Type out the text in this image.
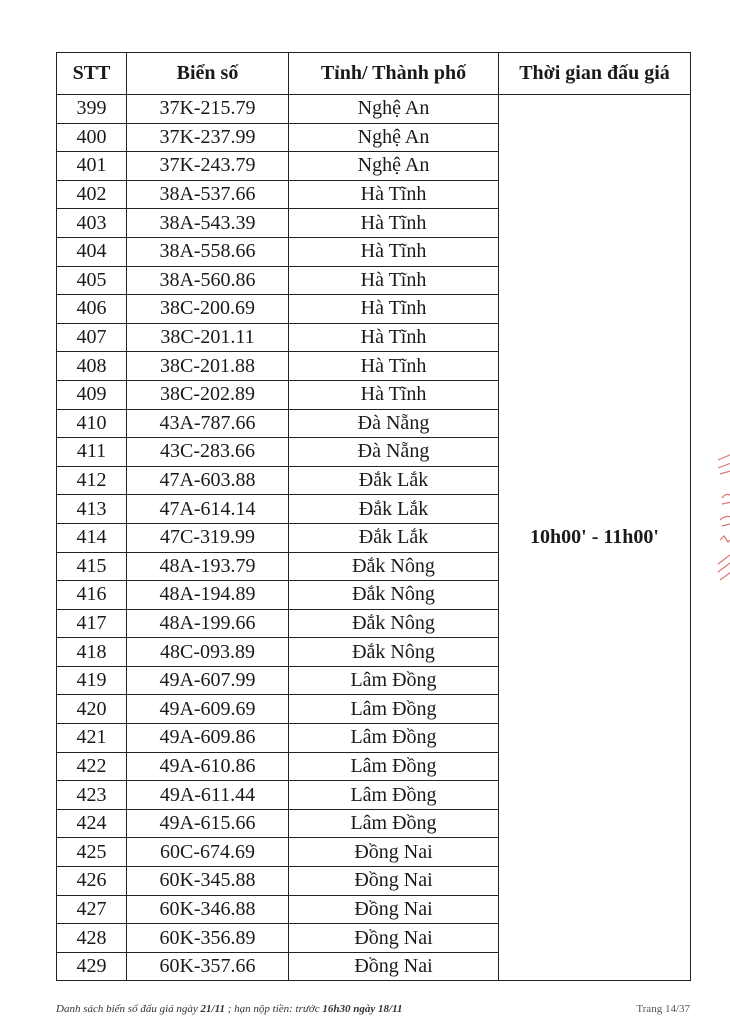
STT	Biển số	Tỉnh/ Thành phố	Thời gian đấu giá
399	37K-215.79	Nghệ An	10h00' - 11h00'
400	37K-237.99	Nghệ An	
401	37K-243.79	Nghệ An	
402	38A-537.66	Hà Tĩnh	
403	38A-543.39	Hà Tĩnh	
404	38A-558.66	Hà Tĩnh	
405	38A-560.86	Hà Tĩnh	
406	38C-200.69	Hà Tĩnh	
407	38C-201.11	Hà Tĩnh	
408	38C-201.88	Hà Tĩnh	
409	38C-202.89	Hà Tĩnh	
410	43A-787.66	Đà Nẵng	
411	43C-283.66	Đà Nẵng	
412	47A-603.88	Đắk Lắk	
413	47A-614.14	Đắk Lắk	
414	47C-319.99	Đắk Lắk	
415	48A-193.79	Đắk Nông	
416	48A-194.89	Đắk Nông	
417	48A-199.66	Đắk Nông	
418	48C-093.89	Đắk Nông	
419	49A-607.99	Lâm Đồng	
420	49A-609.69	Lâm Đồng	
421	49A-609.86	Lâm Đồng	
422	49A-610.86	Lâm Đồng	
423	49A-611.44	Lâm Đồng	
424	49A-615.66	Lâm Đồng	
425	60C-674.69	Đồng Nai	
426	60K-345.88	Đồng Nai	
427	60K-346.88	Đồng Nai	
428	60K-356.89	Đồng Nai	
429	60K-357.66	Đồng Nai	
Danh sách biển số đấu giá ngày 21/11 ; hạn nộp tiền: trước 16h30 ngày 18/11	Trang 14/37
